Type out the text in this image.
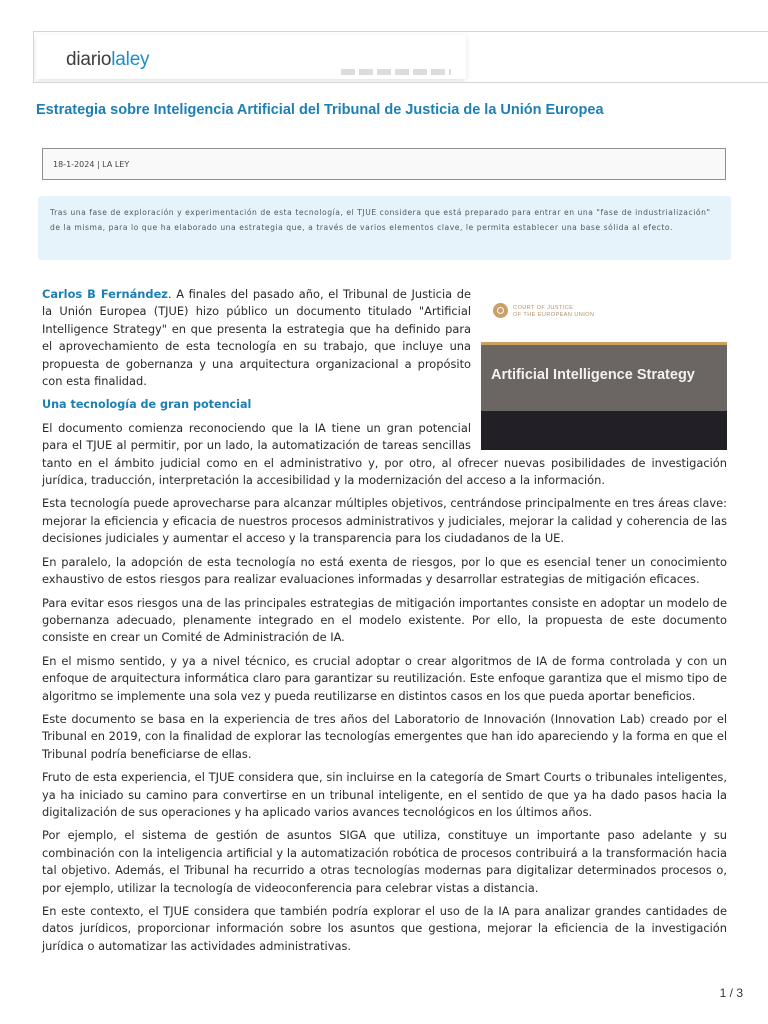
diariolaley
Estrategia sobre Inteligencia Artificial del Tribunal de Justicia de la Unión Europea
18-1-2024 | LA LEY
Tras una fase de exploración y experimentación de esta tecnología, el TJUE considera que está preparado para entrar en una "fase de industrialización" de la misma, para lo que ha elaborado una estrategia que, a través de varios elementos clave, le permita establecer una base sólida al efecto.
COURT OF JUSTICE
OF THE EUROPEAN UNION
Artificial Intelligence Strategy

Carlos B Fernández. A finales del pasado año, el Tribunal de Justicia de la Unión Europea (TJUE) hizo público un documento titulado "Artificial Intelligence Strategy" en que presenta la estrategia que ha definido para el aprovechamiento de esta tecnología en su trabajo, que incluye una propuesta de gobernanza y una arquitectura organizacional a propósito con esta finalidad.

Una tecnología de gran potencial

El documento comienza reconociendo que la IA tiene un gran potencial para el TJUE al permitir, por un lado, la automatización de tareas sencillas tanto en el ámbito judicial como en el administrativo y, por otro, al ofrecer nuevas posibilidades de investigación jurídica, traducción, interpretación la accesibilidad y la modernización del acceso a la información.

Esta tecnología puede aprovecharse para alcanzar múltiples objetivos, centrándose principalmente en tres áreas clave: mejorar la eficiencia y eficacia de nuestros procesos administrativos y judiciales, mejorar la calidad y coherencia de las decisiones judiciales y aumentar el acceso y la transparencia para los ciudadanos de la UE.

En paralelo, la adopción de esta tecnología no está exenta de riesgos, por lo que es esencial tener un conocimiento exhaustivo de estos riesgos para realizar evaluaciones informadas y desarrollar estrategias de mitigación eficaces.

Para evitar esos riesgos una de las principales estrategias de mitigación importantes consiste en adoptar un modelo de gobernanza adecuado, plenamente integrado en el modelo existente. Por ello, la propuesta de este documento consiste en crear un Comité de Administración de IA.

En el mismo sentido, y ya a nivel técnico, es crucial adoptar o crear algoritmos de IA de forma controlada y con un enfoque de arquitectura informática claro para garantizar su reutilización. Este enfoque garantiza que el mismo tipo de algoritmo se implemente una sola vez y pueda reutilizarse en distintos casos en los que pueda aportar beneficios.

Este documento se basa en la experiencia de tres años del Laboratorio de Innovación (Innovation Lab) creado por el Tribunal en 2019, con la finalidad de explorar las tecnologías emergentes que han ido apareciendo y la forma en que el Tribunal podría beneficiarse de ellas.

Fruto de esta experiencia, el TJUE considera que, sin incluirse en la categoría de Smart Courts o tribunales inteligentes, ya ha iniciado su camino para convertirse en un tribunal inteligente, en el sentido de que ya ha dado pasos hacia la digitalización de sus operaciones y ha aplicado varios avances tecnológicos en los últimos años.

Por ejemplo, el sistema de gestión de asuntos SIGA que utiliza, constituye un importante paso adelante y su combinación con la inteligencia artificial y la automatización robótica de procesos contribuirá a la transformación hacia tal objetivo. Además, el Tribunal ha recurrido a otras tecnologías modernas para digitalizar determinados procesos o, por ejemplo, utilizar la tecnología de videoconferencia para celebrar vistas a distancia.

En este contexto, el TJUE considera que también podría explorar el uso de la IA para analizar grandes cantidades de datos jurídicos, proporcionar información sobre los asuntos que gestiona, mejorar la eficiencia de la investigación jurídica o automatizar las actividades administrativas.

1 / 3
